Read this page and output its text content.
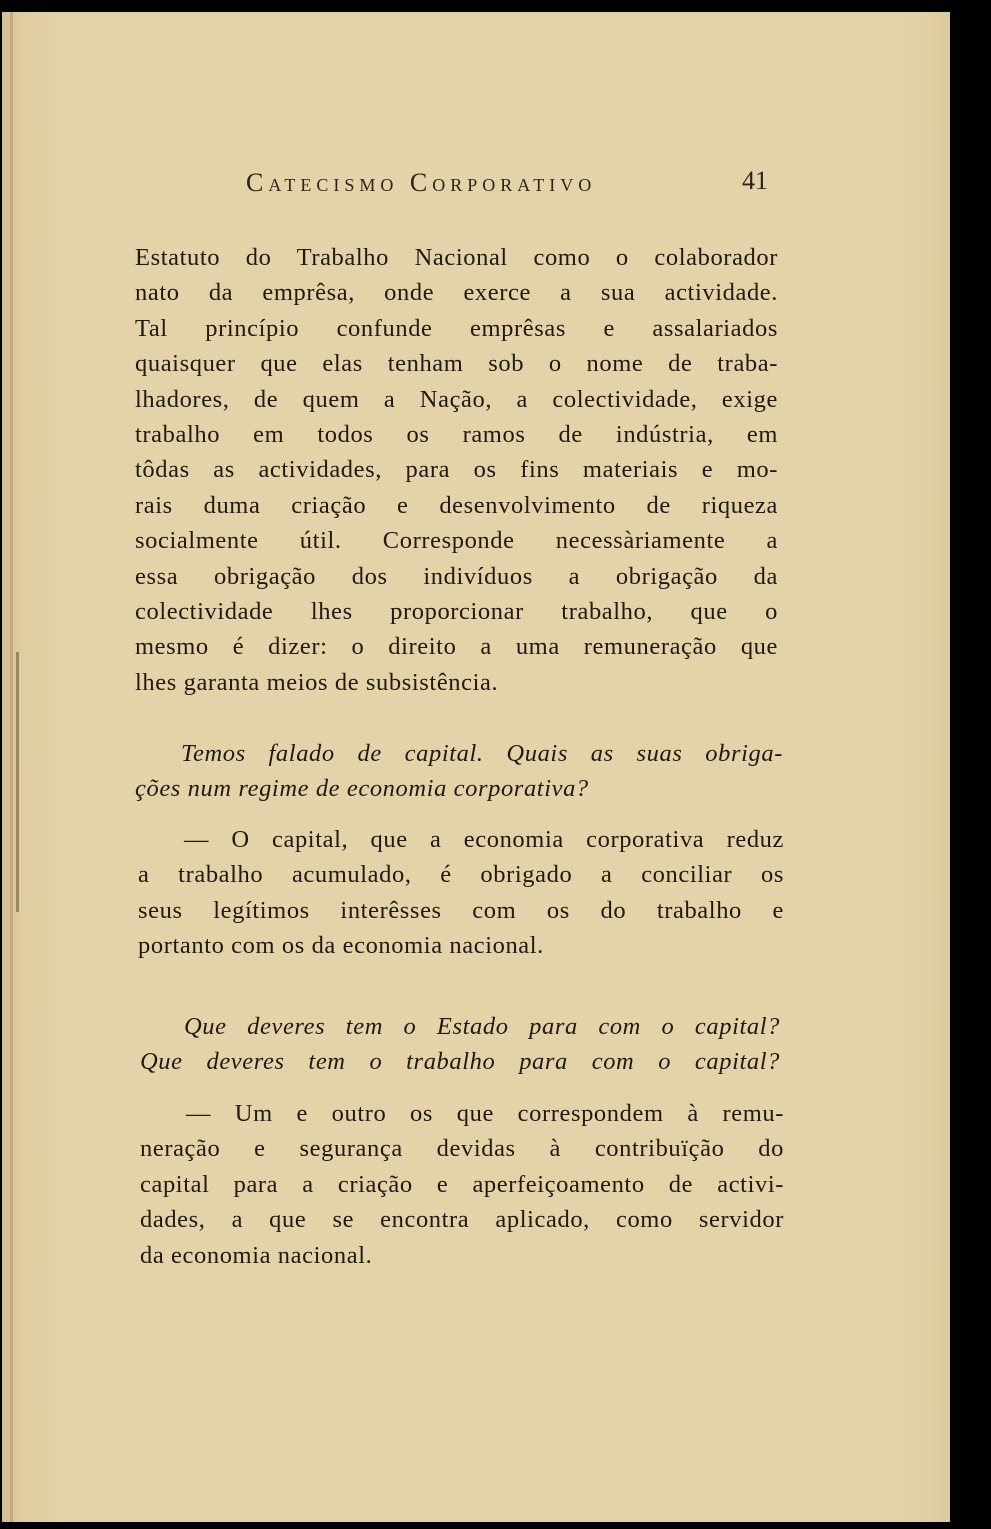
Catecismo Corporativo	41
Estatuto do Trabalho Nacional como o colaborador
nato da emprêsa, onde exerce a sua actividade.
Tal princípio confunde emprêsas e assalariados
quaisquer que elas tenham sob o nome de traba-
lhadores, de quem a Nação, a colectividade, exige
trabalho em todos os ramos de indústria, em
tôdas as actividades, para os fins materiais e mo-
rais duma criação e desenvolvimento de riqueza
socialmente útil. Corresponde necessàriamente a
essa obrigação dos indivíduos a obrigação da
colectividade lhes proporcionar trabalho, que o
mesmo é dizer: o direito a uma remuneração que
lhes garanta meios de subsistência.
Temos falado de capital. Quais as suas obriga-
ções num regime de economia corporativa?
— O capital, que a economia corporativa reduz
a trabalho acumulado, é obrigado a conciliar os
seus legítimos interêsses com os do trabalho e
portanto com os da economia nacional.
Que deveres tem o Estado para com o capital?
Que deveres tem o trabalho para com o capital?
— Um e outro os que correspondem à remu-
neração e segurança devidas à contribuïção do
capital para a criação e aperfeiçoamento de activi-
dades, a que se encontra aplicado, como servidor
da economia nacional.
